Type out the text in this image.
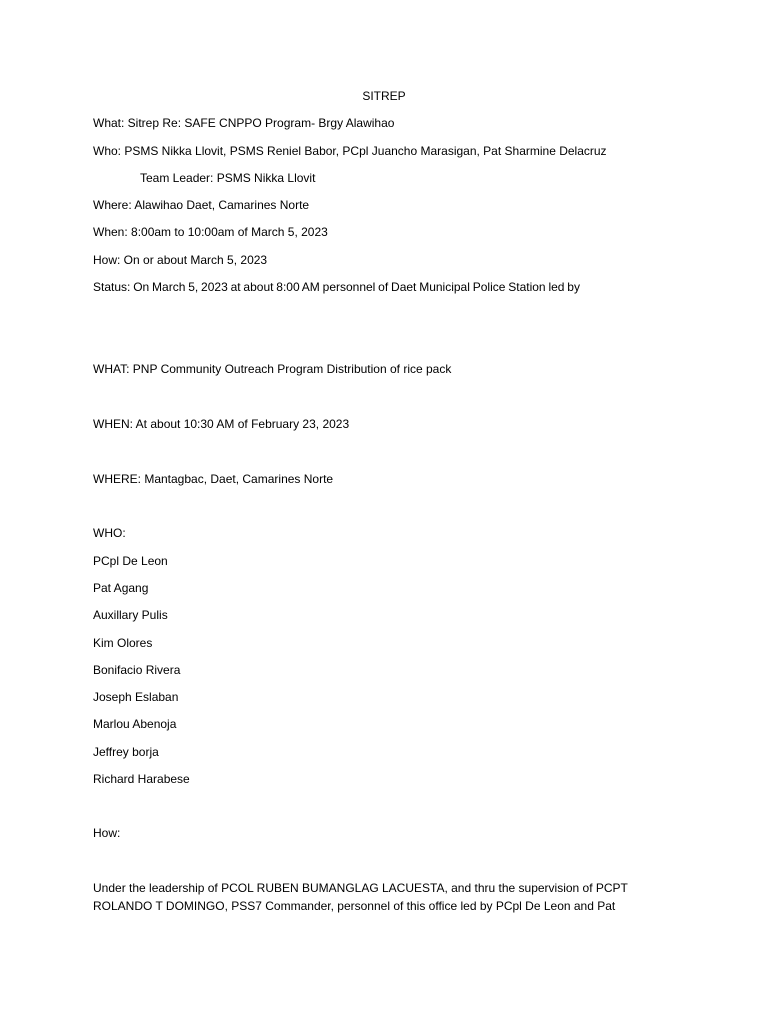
SITREP
What: Sitrep Re: SAFE CNPPO Program- Brgy Alawihao
Who: PSMS Nikka Llovit, PSMS Reniel Babor, PCpl Juancho Marasigan, Pat Sharmine Delacruz
Team Leader: PSMS Nikka Llovit
Where: Alawihao Daet, Camarines Norte
When: 8:00am to 10:00am of March 5, 2023
How: On or about March 5, 2023
Status: On March 5, 2023 at about 8:00 AM personnel of Daet Municipal Police Station led by
WHAT: PNP Community Outreach Program Distribution of rice pack
WHEN: At about 10:30 AM of February 23, 2023
WHERE: Mantagbac, Daet, Camarines Norte
WHO:
PCpl De Leon
Pat Agang
Auxillary Pulis
Kim Olores
Bonifacio Rivera
Joseph Eslaban
Marlou Abenoja
Jeffrey borja
Richard Harabese
How:
Under the leadership of PCOL RUBEN BUMANGLAG LACUESTA, and thru the supervision of PCPT ROLANDO T DOMINGO, PSS7 Commander, personnel of this office led by PCpl De Leon and Pat
